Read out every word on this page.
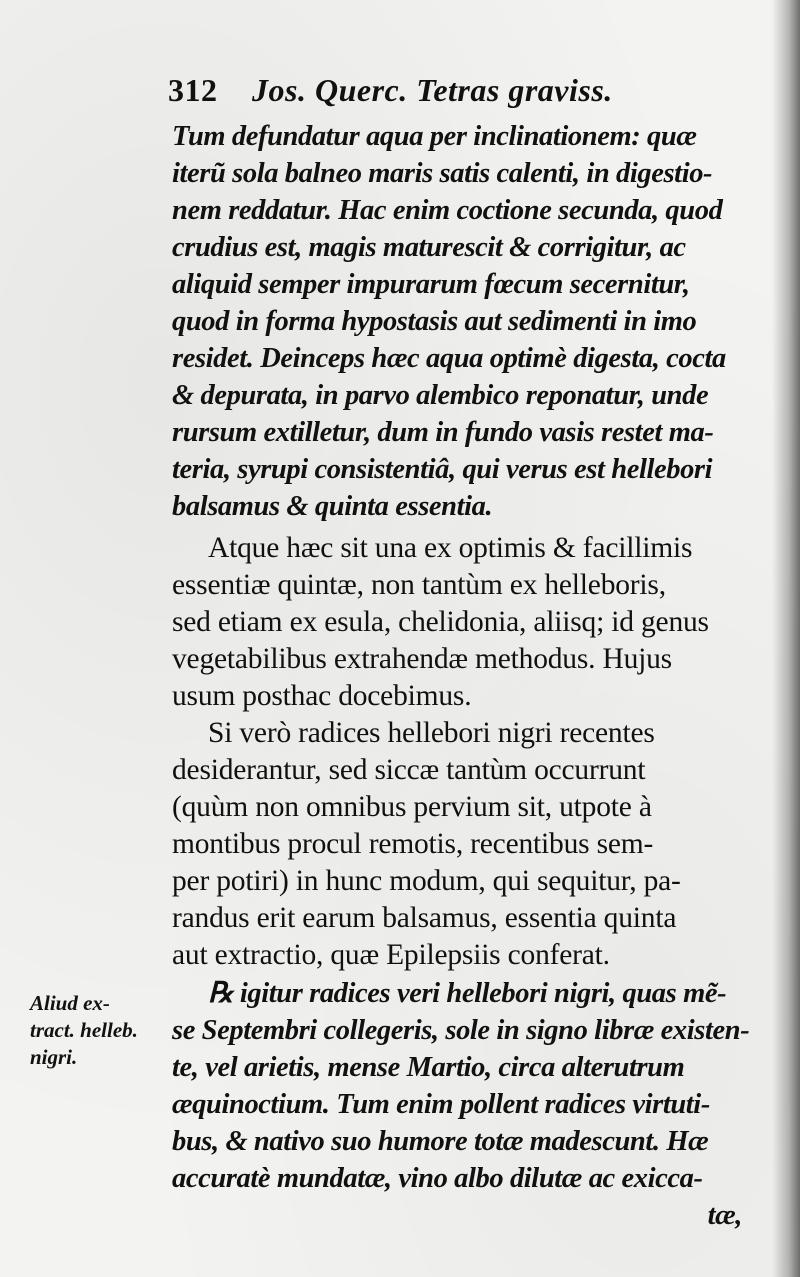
312 Jos. Querc. Tetras graviss.
Tum defundatur aqua per inclinationem: quæ
iterũ sola balneo maris satis calenti, in digestio-
nem reddatur. Hac enim coctione secunda, quod
crudius est, magis maturescit & corrigitur, ac
aliquid semper impurarum fœcum secernitur,
quod in forma hypostasis aut sedimenti in imo
residet. Deinceps hæc aqua optimè digesta, cocta
& depurata, in parvo alembico reponatur, unde
rursum extilletur, dum in fundo vasis restet ma-
teria, syrupi consistentiâ, qui verus est hellebori
balsamus & quinta essentia.
Atque hæc sit una ex optimis & facillimis
essentiæ quintæ, non tantùm ex helleboris,
sed etiam ex esula, chelidonia, aliisq; id genus
vegetabilibus extrahendæ methodus. Hujus
usum posthac docebimus.
Si verò radices hellebori nigri recentes
desiderantur, sed siccæ tantùm occurrunt
(quùm non omnibus pervium sit, utpote à
montibus procul remotis, recentibus sem-
per potiri) in hunc modum, qui sequitur, pa-
randus erit earum balsamus, essentia quinta
aut extractio, quæ Epilepsiis conferat.
Aliud ex-
tract. helleb.
nigri.
℞ igitur radices veri hellebori nigri, quas mẽ-
se Septembri collegeris, sole in signo libræ existen-
te, vel arietis, mense Martio, circa alterutrum
æquinoctium. Tum enim pollent radices virtuti-
bus, & nativo suo humore totæ madescunt. Hæ
accuratè mundatæ, vino albo dilutæ ac exicca-
tæ,
